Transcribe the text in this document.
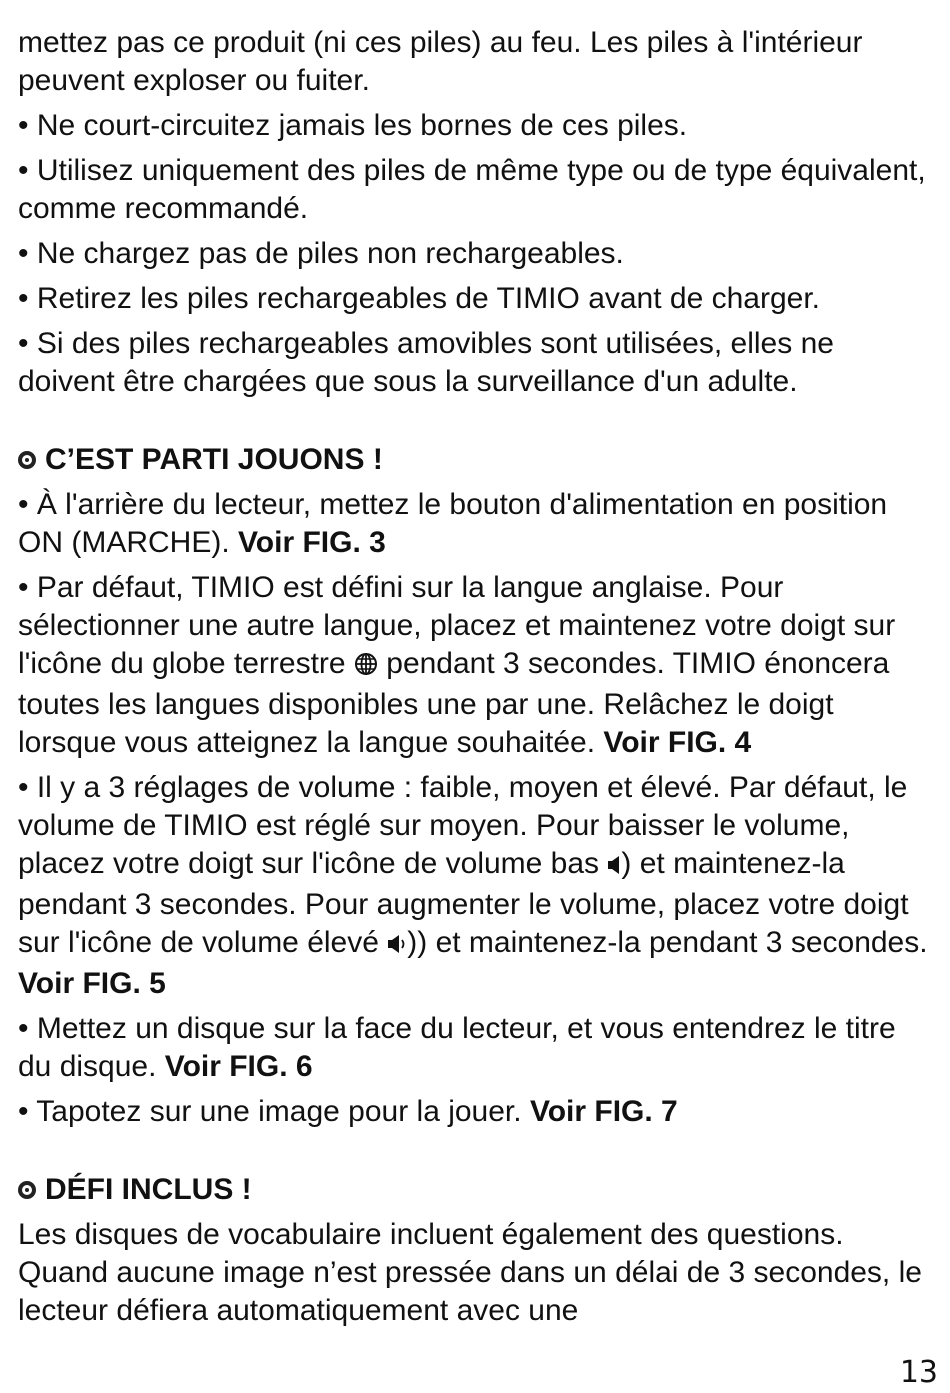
mettez pas ce produit (ni ces piles) au feu. Les piles à l'intérieur peuvent exploser ou fuiter.

• Ne court-circuitez jamais les bornes de ces piles.

• Utilisez uniquement des piles de même type ou de type équivalent, comme recommandé.

• Ne chargez pas de piles non rechargeables.

• Retirez les piles rechargeables de TIMIO avant de charger.

• Si des piles rechargeables amovibles sont utilisées, elles ne doivent être chargées que sous la surveillance d'un adulte.

C’EST PARTI JOUONS !

• À l'arrière du lecteur, mettez le bouton d'alimentation en position ON (MARCHE). Voir FIG. 3

• Par défaut, TIMIO est défini sur la langue anglaise. Pour sélectionner une autre langue, placez et maintenez votre doigt sur l'icône du globe terrestre  pendant 3 secondes. TIMIO énoncera toutes les langues disponibles une par une. Relâchez le doigt lorsque vous atteignez la langue souhaitée. Voir FIG. 4

• Il y a 3 réglages de volume : faible, moyen et élevé. Par défaut, le volume de TIMIO est réglé sur moyen. Pour baisser le volume, placez votre doigt sur l'icône de volume bas ) et maintenez-la pendant 3 secondes. Pour augmenter le volume, placez votre doigt sur l'icône de volume élevé )) et maintenez-la pendant 3 secondes. Voir FIG. 5

• Mettez un disque sur la face du lecteur, et vous entendrez le titre du disque. Voir FIG. 6

• Tapotez sur une image pour la jouer. Voir FIG. 7

DÉFI INCLUS !

Les disques de vocabulaire incluent également des questions. Quand aucune image n’est pressée dans un délai de 3 secondes, le lecteur défiera automatiquement avec une

13
